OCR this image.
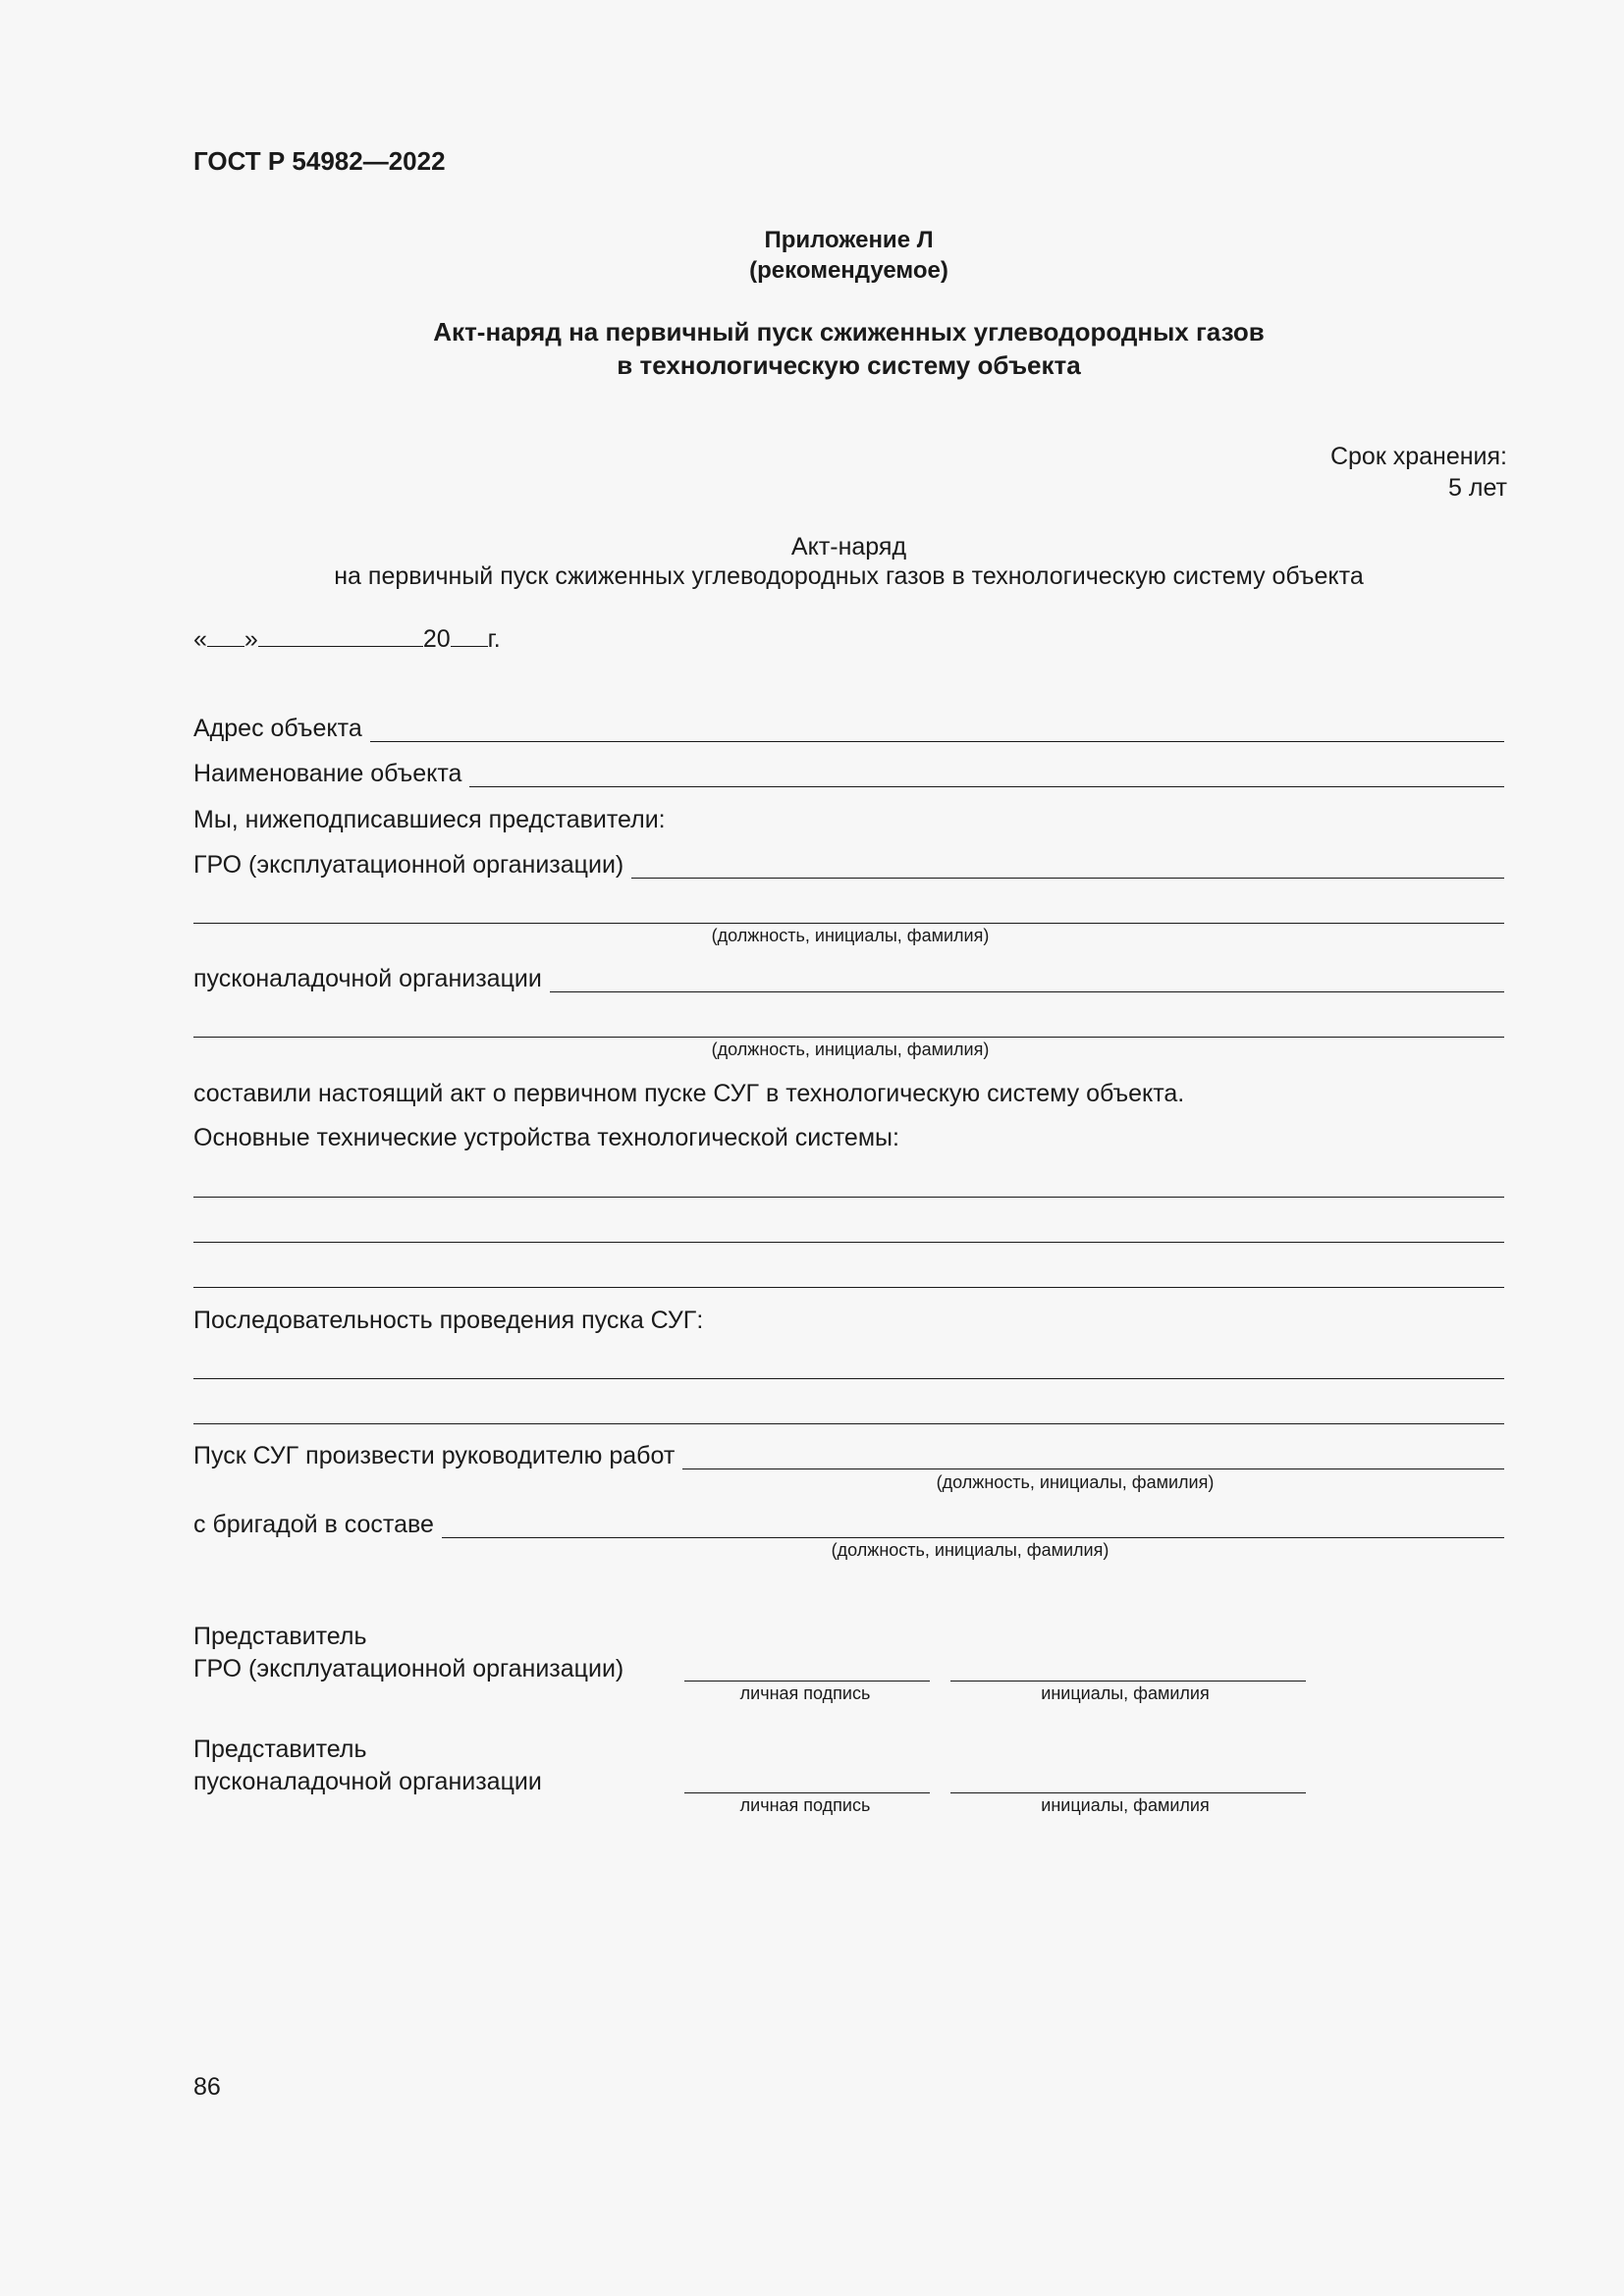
ГОСТ Р 54982—2022
Приложение Л
(рекомендуемое)
Акт-наряд на первичный пуск сжиженных углеводородных газов
в технологическую систему объекта
Срок хранения:
5 лет
Акт-наряд
на первичный пуск сжиженных углеводородных газов в технологическую систему объекта
« »	20 г.
Адрес объекта
Наименование объекта
Мы, нижеподписавшиеся представители:
ГРО (эксплуатационной организации)
(должность, инициалы, фамилия)
пусконаладочной организации
(должность, инициалы, фамилия)
составили настоящий акт о первичном пуске СУГ в технологическую систему объекта.
Основные технические устройства технологической системы:
Последовательность проведения пуска СУГ:
Пуск СУГ произвести руководителю работ
(должность, инициалы, фамилия)
с бригадой в составе
(должность, инициалы, фамилия)
Представитель
ГРО (эксплуатационной организации)
личная подпись	инициалы, фамилия
Представитель
пусконаладочной организации
личная подпись	инициалы, фамилия
86
